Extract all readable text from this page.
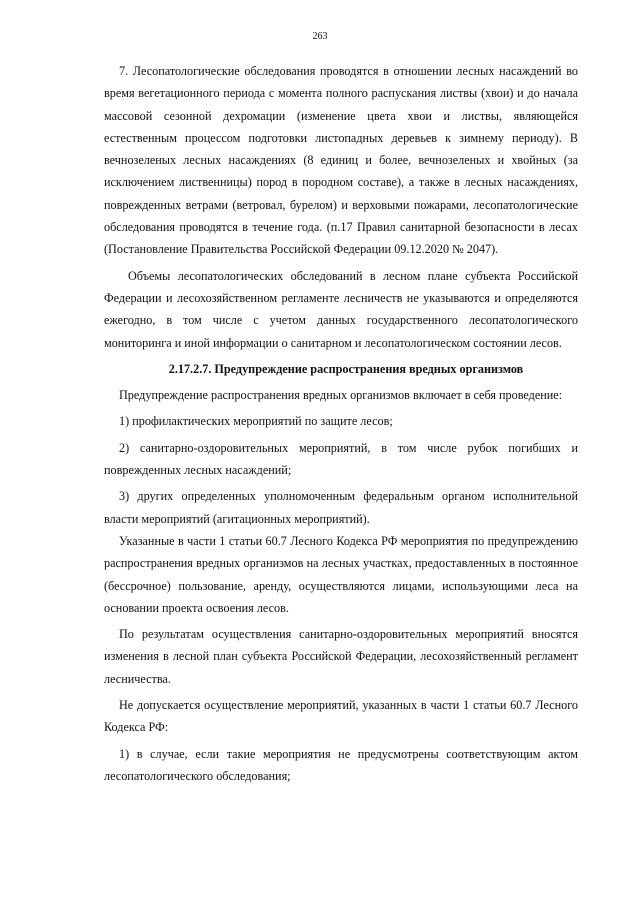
263

7. Лесопатологические обследования проводятся в отношении лесных насаждений во время вегетационного периода с момента полного распускания листвы (хвои) и до начала массовой сезонной дехромации (изменение цвета хвои и листвы, являющейся естественным процессом подготовки листопадных деревьев к зимнему периоду). В вечнозеленых лесных насаждениях (8 единиц и более, вечнозеленых и хвойных (за исключением лиственницы) пород в породном составе), а также в лесных насаждениях, поврежденных ветрами (ветровал, бурелом) и верховыми пожарами, лесопатологические обследования проводятся в течение года. (п.17 Правил санитарной безопасности в лесах (Постановление Правительства Российской Федерации 09.12.2020 № 2047).

Объемы лесопатологических обследований в лесном плане субъекта Российской Федерации и лесохозяйственном регламенте лесничеств не указываются и определяются ежегодно, в том числе с учетом данных государственного лесопатологического мониторинга и иной информации о санитарном и лесопатологическом состоянии лесов.

2.17.2.7. Предупреждение распространения вредных организмов

Предупреждение распространения вредных организмов включает в себя проведение:

1) профилактических мероприятий по защите лесов;

2) санитарно-оздоровительных мероприятий, в том числе рубок погибших и поврежденных лесных насаждений;

3) других определенных уполномоченным федеральным органом исполнительной власти мероприятий (агитационных мероприятий).

Указанные в части 1 статьи 60.7 Лесного Кодекса РФ мероприятия по предупреждению распространения вредных организмов на лесных участках, предоставленных в постоянное (бессрочное) пользование, аренду, осуществляются лицами, использующими леса на основании проекта освоения лесов.

По результатам осуществления санитарно-оздоровительных мероприятий вносятся изменения в лесной план субъекта Российской Федерации, лесохозяйственный регламент лесничества.

Не допускается осуществление мероприятий, указанных в части 1 статьи 60.7 Лесного Кодекса РФ:

1) в случае, если такие мероприятия не предусмотрены соответствующим актом лесопатологического обследования;
